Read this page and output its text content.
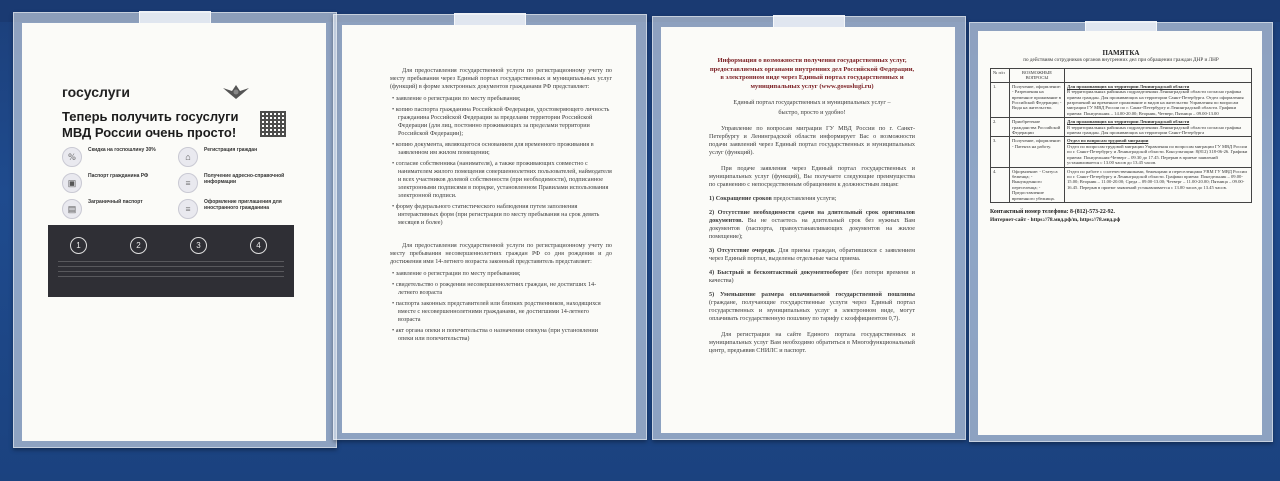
госуслуги
Теперь получить госуслуги МВД России очень просто!
%
Скидка на госпошлину 30%
▣
Паспорт гражданина РФ
▤
Заграничный паспорт
⌂
Регистрация граждан
≡
Получение адресно-справочной информации
≡
Оформление приглашения для иностранного гражданина
1	2	3	4

Для предоставления государственной услуги по регистрационному учету по месту пребывания через Единый портал государственных и муниципальных услуг (функций) в форме электронных документов гражданами РФ представляет:

• заявление о регистрации по месту пребывания;

• копию паспорта гражданина Российской Федерации, удостоверяющего личность гражданина Российской Федерации за пределами территории Российской Федерации (для лиц, постоянно проживающих за пределами территории Российской Федерации);

• копию документа, являющегося основанием для временного проживания в заявленном им жилом помещении;

• согласие собственника (нанимателя), а также проживающих совместно с нанимателем жилого помещения совершеннолетних пользователей, наймодателя и всех участников долевой собственности (при необходимости), подписанное электронными подписями в порядке, установленном Правилами использования электронной подписи.

• форму федерального статистического наблюдения путем заполнения интерактивных форм (при регистрации по месту пребывания на срок девять месяцев и более)

Для предоставления государственной услуги по регистрационному учету по месту пребывания несовершеннолетних граждан РФ со дня рождения и до достижения ими 14-летнего возраста законный представитель представляет:

• заявление о регистрации по месту пребывания;

• свидетельство о рождении несовершеннолетних граждан, не достигших 14-летнего возраста

• паспорта законных представителей или близких родственников, находящихся вместе с несовершеннолетними гражданами, не достигшими 14-летнего возраста

• акт органа опеки и попечительства о назначении опекуна (при установлении опеки или попечительства)

Информация о возможности получения государственных услуг, предоставляемых органами внутренних дел Российской Федерации, в электронном виде через Единый портал государственных и муниципальных услуг (www.gosuslugi.ru)

Единый портал государственных и муниципальных услуг –

быстро, просто и удобно!

Управление по вопросам миграции ГУ МВД России по г. Санкт-Петербургу и Ленинградской области информирует Вас о возможности подачи заявлений через Единый портал государственных и муниципальных услуг (функций).

При подаче заявления через Единый портал государственных и муниципальных услуг (функций), Вы получаете следующие преимущества по сравнению с непосредственным обращением к должностным лицам:

1) Сокращение сроков предоставления услуги;

2) Отсутствие необходимости сдачи на длительный срок оригиналов документов. Вы не остаетесь на длительный срок без нужных Вам документов (паспорта, правоустанавливающих документов на жилое помещение);

3) Отсутствие очереди. Для приема граждан, обратившихся с заявлением через Единый портал, выделены отдельные часы приема.

4) Быстрый и бесконтактный документооборот (без потери времени и качества)

5) Уменьшение размера оплачиваемой государственной пошлины (граждане, получающие государственные услуги через Единый портал государственных и муниципальных услуг в электронном виде, могут оплачивать государственную пошлину по тарифу с коэффициентом 0,7).

Для регистрации на сайте Единого портала государственных и муниципальных услуг Вам необходимо обратиться в Многофункциональный центр, предъявив СНИЛС и паспорт.

ПАМЯТКА
по действиям сотрудников органов внутренних дел при обращении граждан ДНР и ЛНР
№ п/п	ВОЗМОЖНЫЕ ВОПРОСЫ	
1.	Получение, оформление: - Разрешения на временное проживание в Российской Федерации; - Вида на жительство.	Для проживающих на территории Ленинградской области
В территориальных районных подразделениях Ленинградской области согласно графика приема граждан. Для проживающих на территории Санкт-Петербурга. Отдел оформления разрешений на временное проживание и видов на жительство Управления по вопросам миграции ГУ МВД России по г. Санкт-Петербургу и Ленинградской области. Графики приема: Понедельник – 14.00-20.00; Вторник, Четверг, Пятница – 09.00-13.00

2.	Приобретение гражданства Российской Федерации	Для проживающих на территории Ленинградской области
В территориальных районных подразделениях Ленинградской области согласно графика приема граждан. Для проживающих на территории Санкт-Петербурга

3.	Получение, оформление: - Патента на работу.	Отдел по вопросам трудовой миграции
Отдел по вопросам трудовой миграции Управления по вопросам миграции ГУ МВД России по г. Санкт-Петербургу и Ленинградской области. Консультации: 8(812) 318-06-26. Графики приема: Понедельник-Четверг – 09.30 до 17.45. Перерыв в приеме заявлений устанавливается с 13.00 часов до 13.45 часов.

4.	Оформление: - Статуса беженца; - Вынужденного переселенца; - Предоставление временного убежища.	Отдел по работе с соотечественниками, беженцами и переселенцами УВМ ГУ МВД России по г. Санкт-Петербургу и Ленинградской области. Графики приема: Понедельник – 09.00-15.00; Вторник – 11.00-20.00; Среда – 09.00-13.00; Четверг – 11.00-20.00; Пятница – 09.00-16.45. Перерыв в приеме заявлений устанавливается с 13.00 часов до 13.45 часов.
Контактный номер телефона: 8-(812)-573-22-92.
Интернет-сайт - https://78.мвд.рф/m, https://78.мвд.рф
